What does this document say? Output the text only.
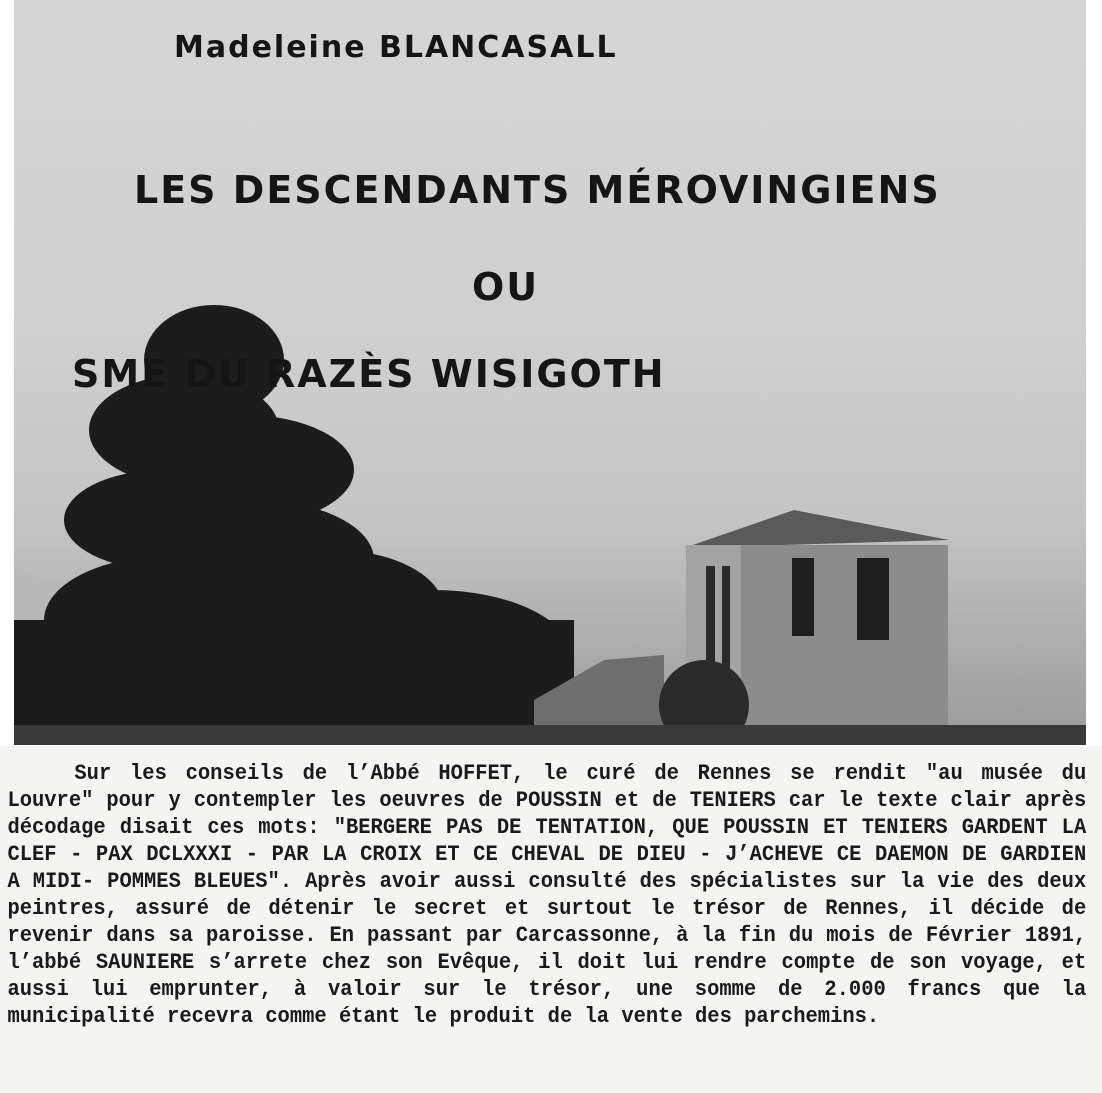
Madeleine BLANCASALL
LES DESCENDANTS MÉROVINGIENS
OU
SME DU RAZÈS WISIGOTH

Sur les conseils de l’Abbé HOFFET, le curé de Rennes se rendit "au musée du Louvre" pour y contempler les oeuvres de POUSSIN et de TENIERS car le texte clair après décodage disait ces mots: "BERGERE PAS DE TENTATION, QUE POUSSIN ET TENIERS GARDENT LA CLEF - PAX DCLXXXI - PAR LA CROIX ET CE CHEVAL DE DIEU - J’ACHEVE CE DAEMON DE GARDIEN A MIDI- POMMES BLEUES". Après avoir aussi consulté des spécialistes sur la vie des deux peintres, assuré de détenir le secret et surtout le trésor de Rennes, il décide de revenir dans sa paroisse. En passant par Carcassonne, à la fin du mois de Février 1891, l’abbé SAUNIERE s’arrete chez son Evêque, il doit lui rendre compte de son voyage, et aussi lui emprunter, à valoir sur le trésor, une somme de 2.000 francs que la municipalité recevra comme étant le produit de la vente des parchemins.
